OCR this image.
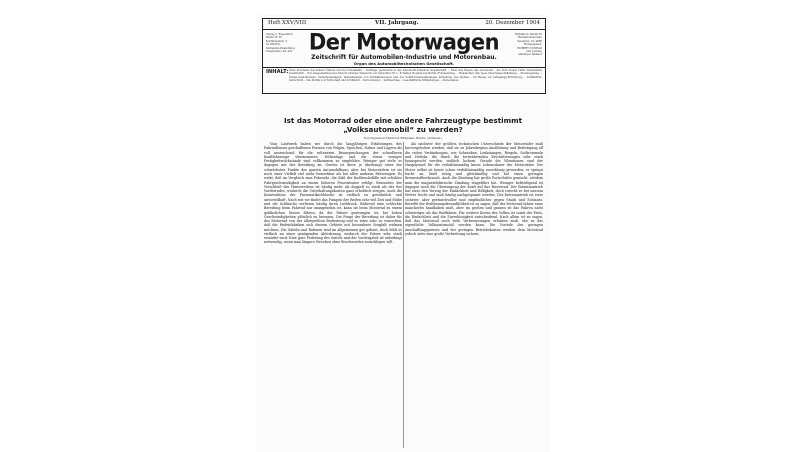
Heft XXV/VIII	VII. Jahrgang.	20. Dezember 1904
Verlag u. Expedition
Berlin W. 35
Kurfürstenstr. 3
M. KRAYN,
Verlagsbuchhandlung
Telegramm: 44, Adr.
Redaktion: Berlin W.
Redaktionsbureau
Telephon: VI, 4888
Herausgeber:
ROBERT CONRAD
und Leitung
alleiniger Inhaber
Der Motorwagen
Zeitschrift für Automobilen-Industrie und Motorenbau.
Organ des Automobiltechnischen Gesellschaft.
INHALT: Über Probleme des Kölner Viktors und der Eisenbahn – Verträge, gedrückte in der Automobil-Industrie Gesellschaft. – Über das Wesen des Automobil – die Ford Nebel 1906. Verständnis konstruktiv – Zur Ausgestaltung des Motors Charles Vinswerk von Sprechter W. L. P. Weller, Bogdan bei Berlin (Fortsetzung). – Rundschau: Die neue Vereinsbeschränkung. – Preisregelung. – Schau-Ausschreiben: Verkehrsauflagen. Wendeltabelle von Kraftfahrzeugen und der Schiff-Unternehmungen Verteilung des Stoffes – im Bezug zur Jahrgangs-Erörterung – Schiffahrts-Zeitschrift. – Die Politik von Wirtschaft und Schiffahrt – Verrechnung. – Vermischtes. – Geschäftliche Mitteilungen. – Personalien.
Ist das Motorrad oder eine andere Fahrzeugtype bestimmt „Volksautomobil“ zu werden?
Von Ingenieur Heinrich Birkenau, Berlin. (Schluss.)
Vom Laufwerk haben wir durch die langjährigen Erfahrungen des Fahrradbaues geschaffenen Formen von Felgen, Speichen, Naben und Lagern als voll ausreichend für die selteneren Beanspruchungen der schnelleren Kraftfahrzeuge übernommen. Höhenlage und die etwas weniger Festigkeitsrückstände sind vollkommen zu empfehlen. Weniger gut steht es dagegen mit der Bereifung an. Gewiss ist diese je überhaupt einer der schwächsten Punkte des ganzen Automobilbaus; aber bei Motorrädern ist sie noch einer Vielfalt viel mehr bemerkbar als bei allen anderen Fahrzeugen. Es wirkt, daß im Vergleich zum Fahrrade, die Zahl der Radbruchsfälle mit erhöhter Fahrgeschwindigkeit an einem höheren Prozentsatze erfolgt. Besonders der Verschleiß des Hinterreifens ist häufig mehr als doppelt so stark als der des Vorderrades, wodurch die Unterhaltungskosten ganz erheblich steigen. Auch die Konstruktion der Pneumatikschläuche ist vielfach zu gewöhnlich und unvorteilhaft. Nach wie vor findet das Pumpen der Reifen sehr viel Zeit und Mühe und die Schläuche verlieren häufig ihren Luftdruck. Während eine schlechte Bereifung beim Fahrrad nur unangenehm ist, kann sie beim Motorrad zu einem gefährlichen Sturze führen, da der Fahrer gezwungen ist, bei hohen Geschwindigkeiten plötzlich zu bremsen. Die Frage der Bereifung ist daher für das Motorrad von der allergrößten Bedeutung und es wäre sehr zu wünschen, daß die Reifenfabriken sich diesem Gebiete mit besonderer Sorgfalt widmen möchten. Die Gabeln und Rahmen sind im allgemeinen gut gebaut, doch fehlt es vielfach an einer genügenden Abfederung, wodurch der Fahrer sehr stark ermüdet wird. Eine gute Federung des Sattels und der Vordergabel ist unbedingt notwendig, wenn man längere Strecken ohne Beschwerden zurücklegen will.
Als nächster der größten technischen Unterschiede der Motorräder muß hervorgehoben werden, daß sie zu Jahresbeginn Ausführung und Befestigung all die vielen Verbindungen, wie Schrauben, Lenkstangen, Riegeln, Seiltrommeln und Hebeln, die durch die fortwährenden Erschütterungen sehr stark beansprucht werden, vielfach lockern. Gerade die Vibrationen sind der Hauptgrund für die verhältnismäßig kurze Lebensdauer der Motorräder. Der Motor selbst ist heute schon verhältnismäßig zuverlässig geworden; er springt leicht an, läuft ruhig und gleichmäßig und hat einen geringen Brennstoffverbrauch. Auch die Zündung hat große Fortschritte gemacht, seitdem man die magnetelektrische Zündung eingeführt hat. Weniger befriedigend ist dagegen noch die Übertragung der Kraft auf das Hinterrad. Der Riemenantrieb hat zwar den Vorzug der Einfachheit und Billigkeit, doch rutscht er bei nassem Wetter leicht und muß häufig nachgespannt werden. Der Kettenantrieb ist zwar sicherer, aber geräuschvoller und empfindlicher gegen Staub und Schmutz. Betreffs der Bedienungsfreundlichkeit ist zu sagen, daß der Motorrad fahrer zwar mancherlei handhaben muß, aber im großen und ganzen ist das Fahren nicht schwieriger als das Radfahren. Für weitere Kreise des Volkes ist somit der Preis, die Einfachheit und die Zuverlässigkeit entscheidend. Nach allem ist zu sagen, daß das Motorrad noch viele Verbesserungen erfahren muß, ehe es das eigentliche Volksautomobil werden kann. Die Vorteile des geringen Anschaffungspreises und der geringen Betriebskosten werden dem Motorrad jedoch stets eine große Verbreitung sichern.
